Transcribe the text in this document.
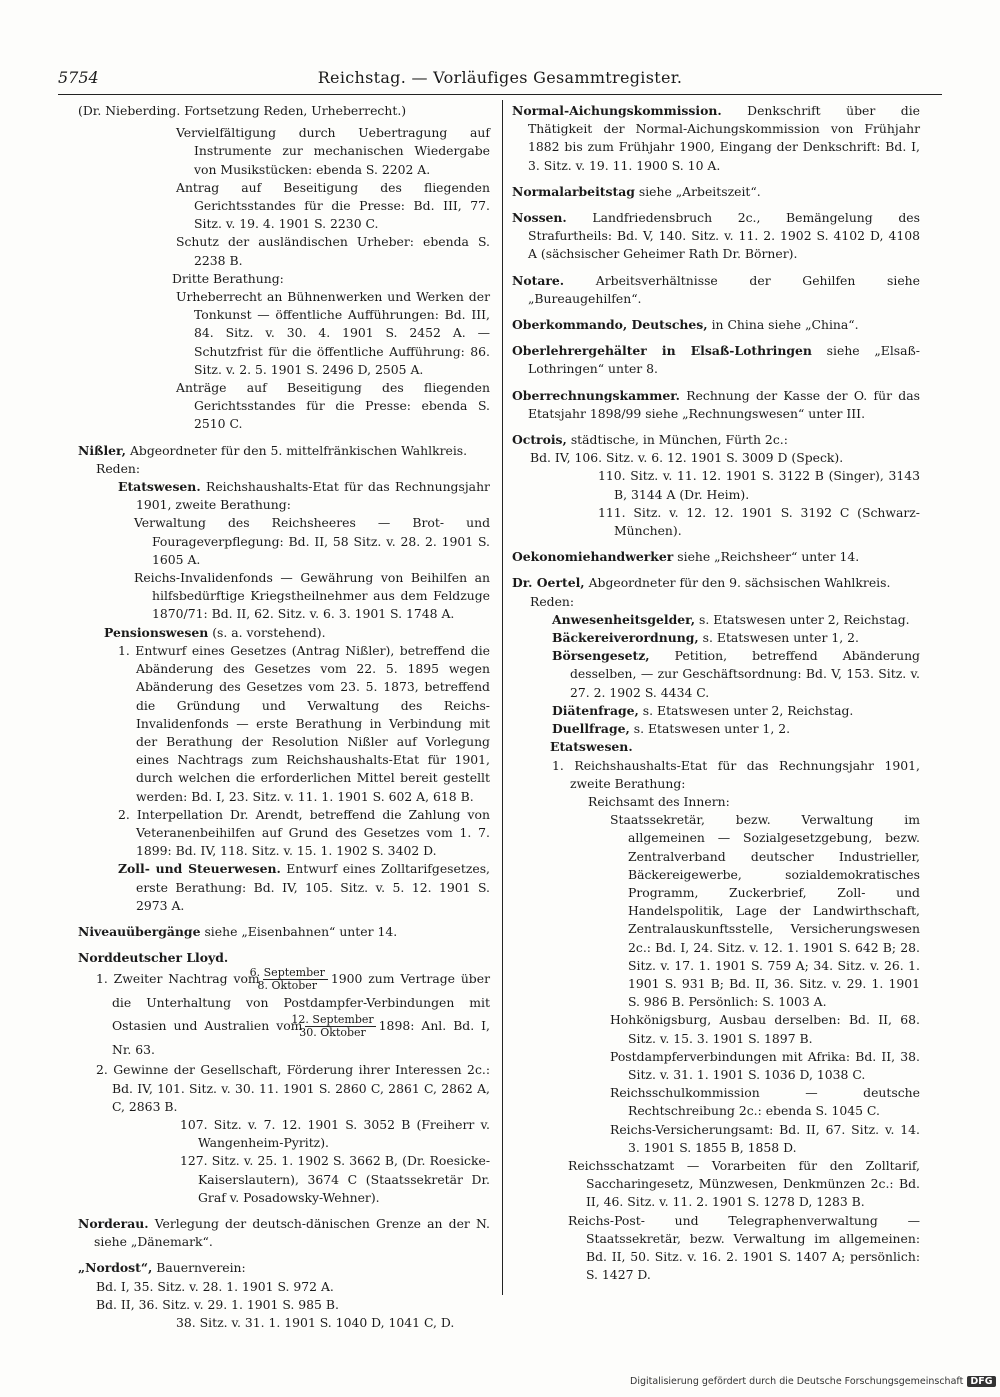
5754	Reichstag. — Vorläufiges Gesammtregister.

(Dr. Nieberding. Fortsetzung Reden, Urheberrecht.)

Vervielfältigung durch Uebertragung auf Instrumente zur mechanischen Wiedergabe von Musikstücken: ebenda S. 2202 A.

Antrag auf Beseitigung des fliegenden Gerichtsstandes für die Presse: Bd. III, 77. Sitz. v. 19. 4. 1901 S. 2230 C.

Schutz der ausländischen Urheber: ebenda S. 2238 B.

Dritte Berathung:

Urheberrecht an Bühnenwerken und Werken der Tonkunst — öffentliche Aufführungen: Bd. III, 84. Sitz. v. 30. 4. 1901 S. 2452 A. — Schutzfrist für die öffentliche Aufführung: 86. Sitz. v. 2. 5. 1901 S. 2496 D, 2505 A.

Anträge auf Beseitigung des fliegenden Gerichtsstandes für die Presse: ebenda S. 2510 C.

Nißler, Abgeordneter für den 5. mittelfränkischen Wahlkreis.

Reden:

Etatswesen. Reichshaushalts-Etat für das Rechnungsjahr 1901, zweite Berathung:

Verwaltung des Reichsheeres — Brot- und Fourageverpflegung: Bd. II, 58 Sitz. v. 28. 2. 1901 S. 1605 A.

Reichs-Invalidenfonds — Gewährung von Beihilfen an hilfsbedürftige Kriegstheilnehmer aus dem Feldzuge 1870/71: Bd. II, 62. Sitz. v. 6. 3. 1901 S. 1748 A.

Pensionswesen (s. a. vorstehend).

1. Entwurf eines Gesetzes (Antrag Nißler), betreffend die Abänderung des Gesetzes vom 22. 5. 1895 wegen Abänderung des Gesetzes vom 23. 5. 1873, betreffend die Gründung und Verwaltung des Reichs-Invalidenfonds — erste Berathung in Verbindung mit der Berathung der Resolution Nißler auf Vorlegung eines Nachtrags zum Reichshaushalts-Etat für 1901, durch welchen die erforderlichen Mittel bereit gestellt werden: Bd. I, 23. Sitz. v. 11. 1. 1901 S. 602 A, 618 B.

2. Interpellation Dr. Arendt, betreffend die Zahlung von Veteranenbeihilfen auf Grund des Gesetzes vom 1. 7. 1899: Bd. IV, 118. Sitz. v. 15. 1. 1902 S. 3402 D.

Zoll- und Steuerwesen. Entwurf eines Zolltarifgesetzes, erste Berathung: Bd. IV, 105. Sitz. v. 5. 12. 1901 S. 2973 A.

Niveauübergänge siehe „Eisenbahnen“ unter 14.

Norddeutscher Lloyd.

1. Zweiter Nachtrag vom $\frac{\text{6. September}}{\text{8. Oktober}} 1900$ zum Vertrage über die Unterhaltung von Postdampfer-Verbindungen mit Ostasien und Australien vom $\frac{\text{12. September}}{\text{30. Oktober}} 1898$: Anl. Bd. I, Nr. 63.

2. Gewinne der Gesellschaft, Förderung ihrer Interessen 2c.: Bd. IV, 101. Sitz. v. 30. 11. 1901 S. 2860 C, 2861 C, 2862 A, C, 2863 B.

107. Sitz. v. 7. 12. 1901 S. 3052 B (Freiherr v. Wangenheim-Pyritz).

127. Sitz. v. 25. 1. 1902 S. 3662 B, (Dr. Roesicke-Kaiserslautern), 3674 C (Staatssekretär Dr. Graf v. Posadowsky-Wehner).

Norderau. Verlegung der deutsch-dänischen Grenze an der N. siehe „Dänemark“.

„Nordost“, Bauernverein:

Bd. I, 35. Sitz. v. 28. 1. 1901 S. 972 A.

Bd. II, 36. Sitz. v. 29. 1. 1901 S. 985 B.

38. Sitz. v. 31. 1. 1901 S. 1040 D, 1041 C, D.

Normal-Aichungskommission. Denkschrift über die Thätigkeit der Normal-Aichungskommission von Frühjahr 1882 bis zum Frühjahr 1900, Eingang der Denkschrift: Bd. I, 3. Sitz. v. 19. 11. 1900 S. 10 A.

Normalarbeitstag siehe „Arbeitszeit“.

Nossen. Landfriedensbruch 2c., Bemängelung des Strafurtheils: Bd. V, 140. Sitz. v. 11. 2. 1902 S. 4102 D, 4108 A (sächsischer Geheimer Rath Dr. Börner).

Notare.	Arbeitsverhältnisse der Gehilfen siehe „Bureaugehilfen“.

Oberkommando, Deutsches, in China siehe „China“.

Oberlehrergehälter in Elsaß-Lothringen siehe „Elsaß-Lothringen“ unter 8.

Oberrechnungskammer. Rechnung der Kasse der O. für das Etatsjahr 1898/99 siehe „Rechnungswesen“ unter III.

Octrois, städtische, in München, Fürth 2c.:

Bd. IV, 106. Sitz. v. 6. 12. 1901 S. 3009 D (Speck).

110. Sitz. v. 11. 12. 1901 S. 3122 B (Singer), 3143 B, 3144 A (Dr. Heim).

111. Sitz. v. 12. 12. 1901 S. 3192 C (Schwarz-München).

Oekonomiehandwerker siehe „Reichsheer“ unter 14.

Dr. Oertel, Abgeordneter für den 9. sächsischen Wahlkreis.

Reden:

Anwesenheitsgelder, s. Etatswesen unter 2, Reichstag.

Bäckereiverordnung, s. Etatswesen unter 1, 2.

Börsengesetz, Petition, betreffend Abänderung desselben, — zur Geschäftsordnung: Bd. V, 153. Sitz. v. 27. 2. 1902 S. 4434 C.

Diätenfrage, s. Etatswesen unter 2, Reichstag.

Duellfrage, s. Etatswesen unter 1, 2.

Etatswesen.

1. Reichshaushalts-Etat für das Rechnungsjahr 1901, zweite Berathung:

Reichsamt des Innern:

Staatssekretär, bezw. Verwaltung im allgemeinen — Sozialgesetzgebung, bezw. Zentralverband deutscher Industrieller, Bäckereigewerbe, sozialdemokratisches Programm, Zuckerbrief, Zoll- und Handelspolitik, Lage der Landwirthschaft, Zentralauskunftsstelle, Versicherungswesen 2c.: Bd. I, 24. Sitz. v. 12. 1. 1901 S. 642 B; 28. Sitz. v. 17. 1. 1901 S. 759 A; 34. Sitz. v. 26. 1. 1901 S. 931 B; Bd. II, 36. Sitz. v. 29. 1. 1901 S. 986 B. Persönlich: S. 1003 A.

Hohkönigsburg, Ausbau derselben: Bd. II, 68. Sitz. v. 15. 3. 1901 S. 1897 B.

Postdampferverbindungen mit Afrika: Bd. II, 38. Sitz. v. 31. 1. 1901 S. 1036 D, 1038 C.

Reichsschulkommission — deutsche Rechtschreibung 2c.: ebenda S. 1045 C.

Reichs-Versicherungsamt: Bd. II, 67. Sitz. v. 14. 3. 1901 S. 1855 B, 1858 D.

Reichsschatzamt — Vorarbeiten für den Zolltarif, Saccharingesetz, Münzwesen, Denkmünzen 2c.: Bd. II, 46. Sitz. v. 11. 2. 1901 S. 1278 D, 1283 B.

Reichs-Post- und Telegraphenverwaltung — Staatssekretär, bezw. Verwaltung im allgemeinen: Bd. II, 50. Sitz. v. 16. 2. 1901 S. 1407 A; persönlich: S. 1427 D.

Digitalisierung gefördert durch die Deutsche Forschungsgemeinschaft DFG
